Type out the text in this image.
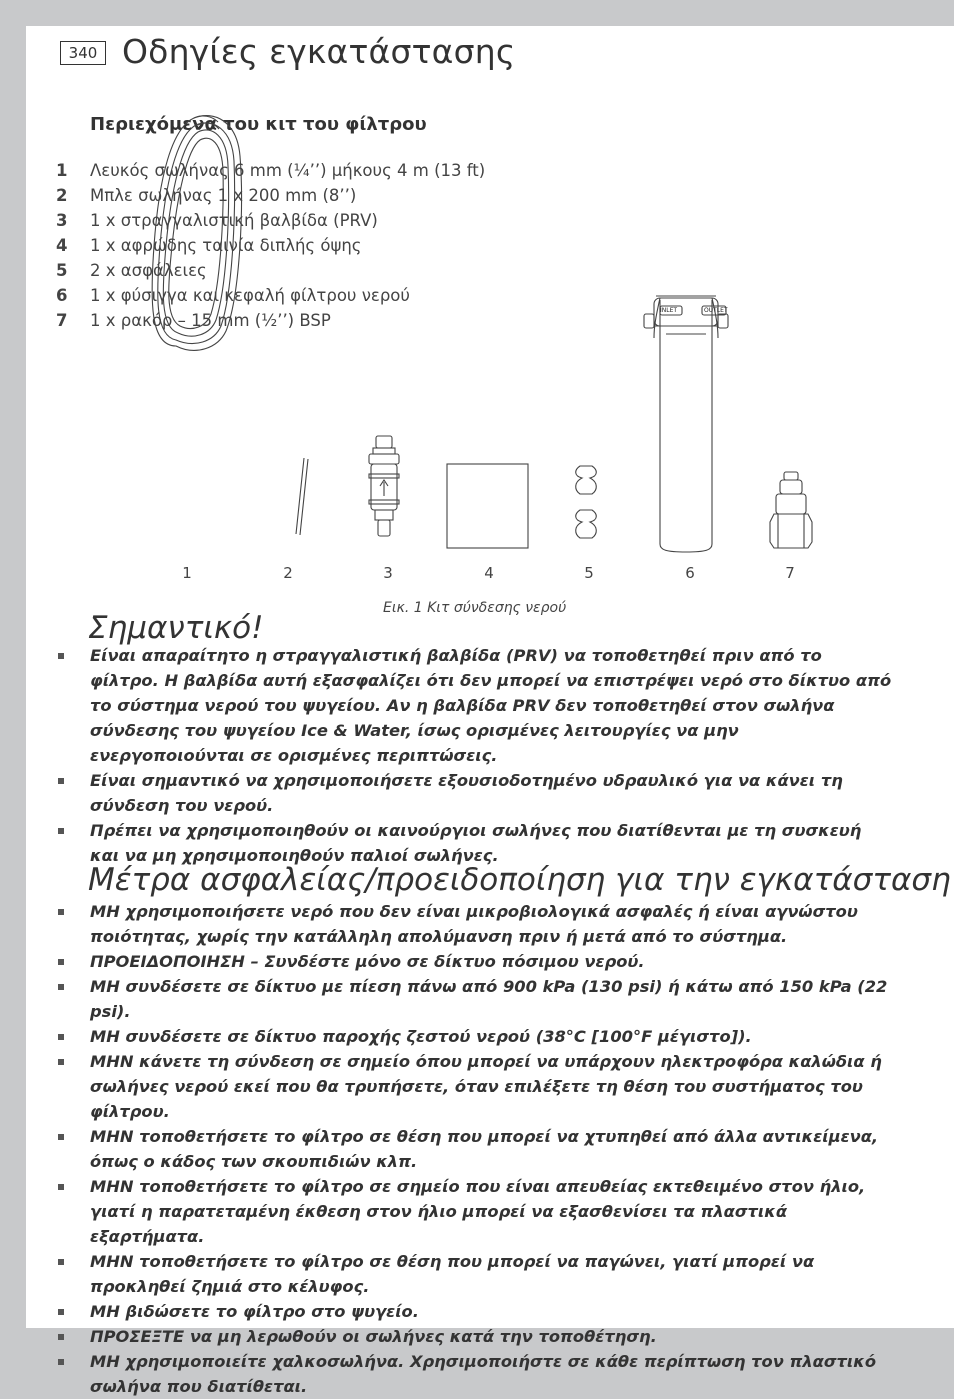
340 Οδηγίες εγκατάστασης
Περιεχόμενα του κιτ του φίλτρου
1 Λευκός σωλήνας 6 mm (¼’’) μήκους 4 m (13 ft)
2 Μπλε σωλήνας 1 x 200 mm (8’’)
3 1 x στραγγαλιστική βαλβίδα (PRV)
4 1 x αφρώδης ταινία διπλής όψης
5 2 x ασφάλειες
6 1 x φύσιγγα και κεφαλή φίλτρου νερού
7 1 x ρακόρ – 15 mm (½’’) BSP
INLET	OUTLET
1	2	3	4	5	6	7
Εικ. 1 Κιτ σύνδεσης νερού
Σημαντικό!
Είναι απαραίτητο η στραγγαλιστική βαλβίδα (PRV) να τοποθετηθεί πριν από το φίλτρο. Η βαλβίδα αυτή εξασφαλίζει ότι δεν μπορεί να επιστρέψει νερό στο δίκτυο από το σύστημα νερού του ψυγείου. Αν η βαλβίδα PRV δεν τοποθετηθεί στον σωλήνα σύνδεσης του ψυγείου Ice & Water, ίσως ορισμένες λειτουργίες να μην ενεργοποιούνται σε ορισμένες περιπτώσεις.
Είναι σημαντικό να χρησιμοποιήσετε εξουσιοδοτημένο υδραυλικό για να κάνει τη σύνδεση του νερού.
Πρέπει να χρησιμοποιηθούν οι καινούργιοι σωλήνες που διατίθενται με τη συσκευή και να μη χρησιμοποιηθούν παλιοί σωλήνες.
Μέτρα ασφαλείας/προειδοποίηση για την εγκατάσταση
ΜΗ χρησιμοποιήσετε νερό που δεν είναι μικροβιολογικά ασφαλές ή είναι αγνώστου ποιότητας, χωρίς την κατάλληλη απολύμανση πριν ή μετά από το σύστημα.
ΠΡΟΕΙΔΟΠΟΙΗΣΗ – Συνδέστε μόνο σε δίκτυο πόσιμου νερού.
ΜΗ συνδέσετε σε δίκτυο με πίεση πάνω από 900 kPa (130 psi) ή κάτω από 150 kPa (22 psi).
ΜΗ συνδέσετε σε δίκτυο παροχής ζεστού νερού (38°C [100°F μέγιστο]).
ΜΗΝ κάνετε τη σύνδεση σε σημείο όπου μπορεί να υπάρχουν ηλεκτροφόρα καλώδια ή σωλήνες νερού εκεί που θα τρυπήσετε, όταν επιλέξετε τη θέση του συστήματος του φίλτρου.
ΜΗΝ τοποθετήσετε το φίλτρο σε θέση που μπορεί να χτυπηθεί από άλλα αντικείμενα, όπως ο κάδος των σκουπιδιών κλπ.
ΜΗΝ τοποθετήσετε το φίλτρο σε σημείο που είναι απευθείας εκτεθειμένο στον ήλιο, γιατί η παρατεταμένη έκθεση στον ήλιο μπορεί να εξασθενίσει τα πλαστικά εξαρτήματα.
ΜΗΝ τοποθετήσετε το φίλτρο σε θέση που μπορεί να παγώνει, γιατί μπορεί να προκληθεί ζημιά στο κέλυφος.
ΜΗ βιδώσετε το φίλτρο στο ψυγείο.
ΠΡΟΣΕΞΤΕ να μη λερωθούν οι σωλήνες κατά την τοποθέτηση.
ΜΗ χρησιμοποιείτε χαλκοσωλήνα. Χρησιμοποιήστε σε κάθε περίπτωση τον πλαστικό σωλήνα που διατίθεται.
